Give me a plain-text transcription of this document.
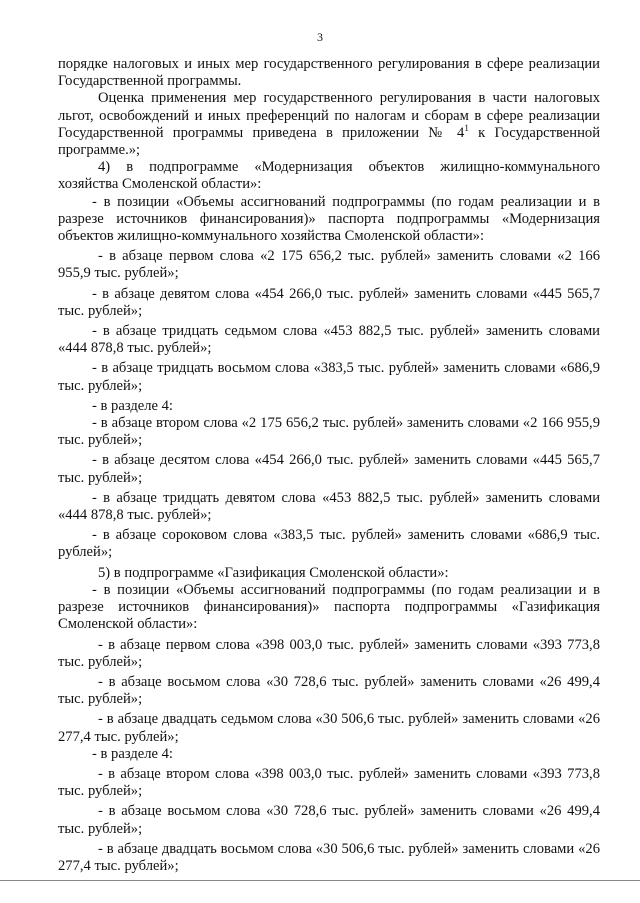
3

порядке налоговых и иных мер государственного регулирования в сфере реализации Государственной программы.

Оценка применения мер государственного регулирования в части налоговых льгот, освобождений и иных преференций по налогам и сборам в сфере реализации Государственной программы приведена в приложении № $4^1$ к Государственной программе.»;

4) в подпрограмме «Модернизация объектов жилищно-коммунального хозяйства Смоленской области»:

- в позиции «Объемы ассигнований подпрограммы (по годам реализации и в разрезе источников финансирования)» паспорта подпрограммы «Модернизация объектов жилищно-коммунального хозяйства Смоленской области»:

- в абзаце первом слова «2 175 656,2 тыс. рублей» заменить словами «2 166 955,9 тыс. рублей»;

- в абзаце девятом слова «454 266,0 тыс. рублей» заменить словами «445 565,7 тыс. рублей»;

- в абзаце тридцать седьмом слова «453 882,5 тыс. рублей» заменить словами «444 878,8 тыс. рублей»;

- в абзаце тридцать восьмом слова «383,5 тыс. рублей» заменить словами «686,9 тыс. рублей»;

- в разделе 4:

- в абзаце втором слова «2 175 656,2 тыс. рублей» заменить словами «2 166 955,9 тыс. рублей»;

- в абзаце десятом слова «454 266,0 тыс. рублей» заменить словами «445 565,7 тыс. рублей»;

- в абзаце тридцать девятом слова «453 882,5 тыс. рублей» заменить словами «444 878,8 тыс. рублей»;

- в абзаце сороковом слова «383,5 тыс. рублей» заменить словами «686,9 тыс. рублей»;

5) в подпрограмме «Газификация Смоленской области»:

- в позиции «Объемы ассигнований подпрограммы (по годам реализации и в разрезе источников финансирования)» паспорта подпрограммы «Газификация Смоленской области»:

- в абзаце первом слова «398 003,0 тыс. рублей» заменить словами «393 773,8 тыс. рублей»;

- в абзаце восьмом слова «30 728,6 тыс. рублей» заменить словами «26 499,4 тыс. рублей»;

- в абзаце двадцать седьмом слова «30 506,6 тыс. рублей» заменить словами «26 277,4 тыс. рублей»;

- в разделе 4:

- в абзаце втором слова «398 003,0 тыс. рублей» заменить словами «393 773,8 тыс. рублей»;

- в абзаце восьмом слова «30 728,6 тыс. рублей» заменить словами «26 499,4 тыс. рублей»;

- в абзаце двадцать восьмом слова «30 506,6 тыс. рублей» заменить словами «26 277,4 тыс. рублей»;
